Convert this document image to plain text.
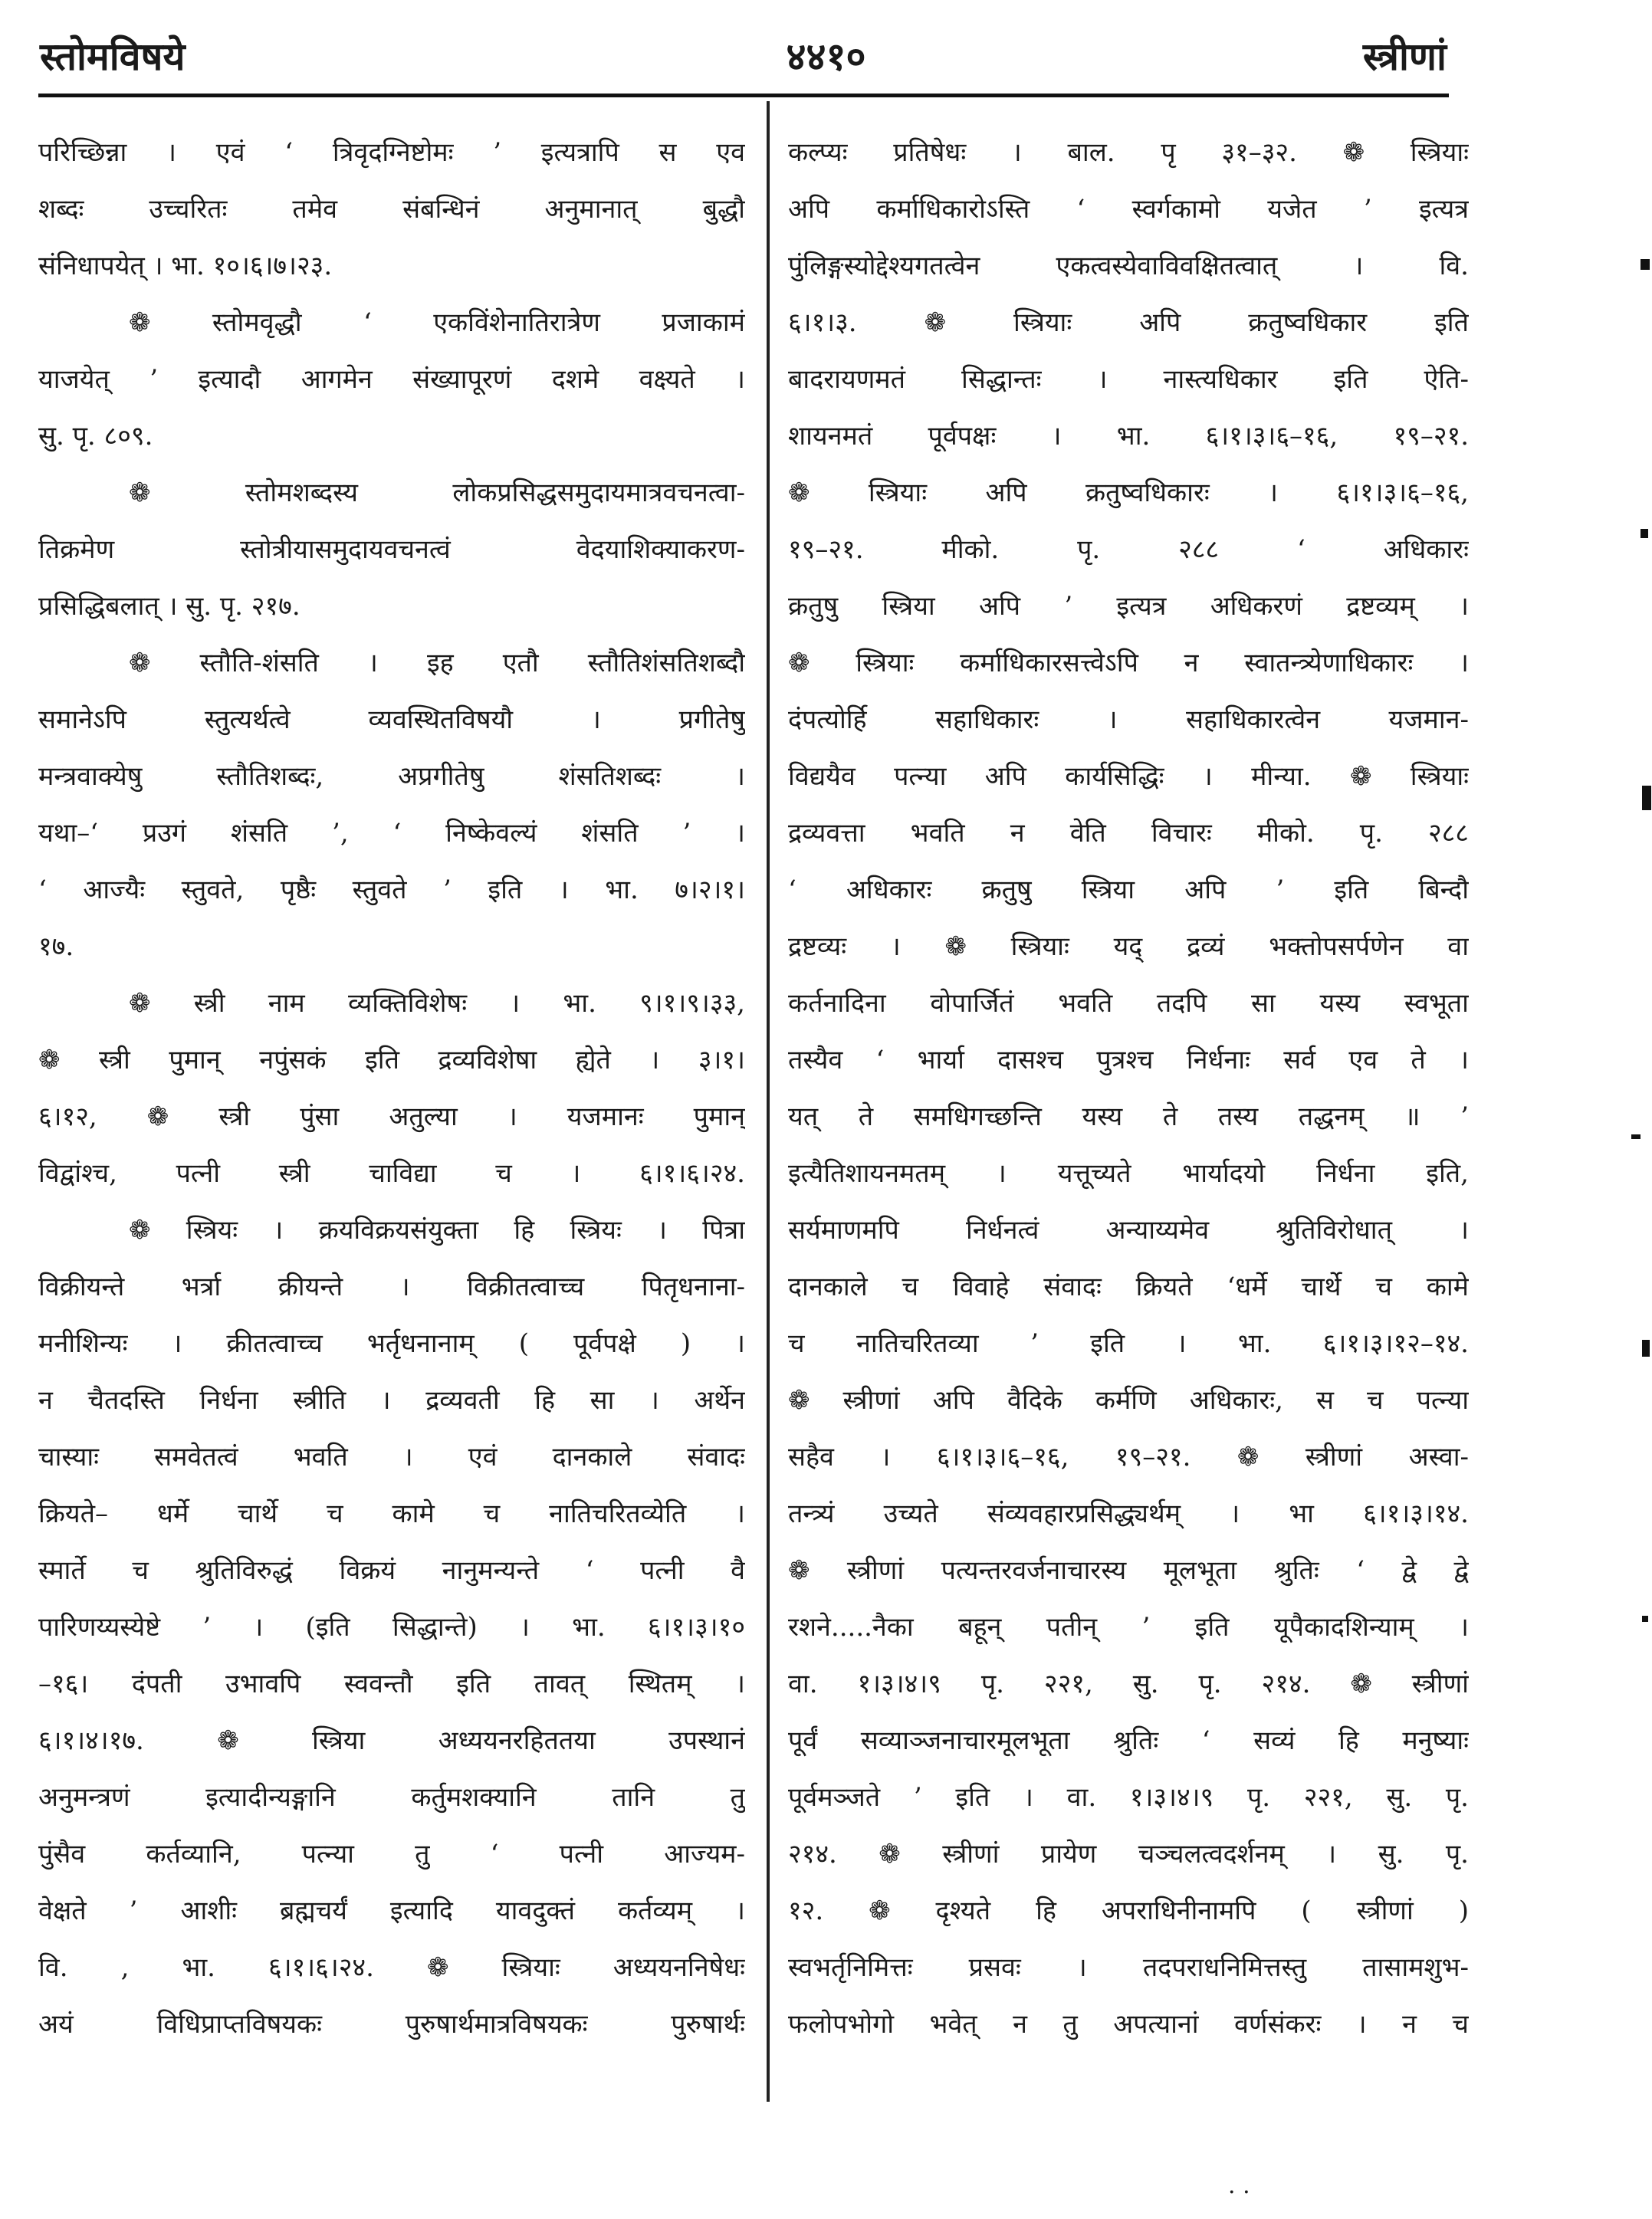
स्तोमविषये	४४१०	स्त्रीणां
परिच्छिन्ना । एवं ‘ त्रिवृदग्निष्टोमः ’ इत्यत्रापि स एव
शब्दः उच्चरितः तमेव संबन्धिनं अनुमानात् बुद्धौ
संनिधापयेत् । भा. १०।६।७।२३.
❁ स्तोमवृद्धौ ‘ एकविंशेनातिरात्रेण प्रजाकामं
याजयेत् ’ इत्यादौ आगमेन संख्यापूरणं दशमे वक्ष्यते ।
सु. पृ. ८०९.
❁ स्तोमशब्दस्य लोकप्रसिद्धसमुदायमात्रवचनत्वा-
तिक्रमेण स्तोत्रीयासमुदायवचनत्वं वेदयाशिक्याकरण-
प्रसिद्धिबलात् । सु. पृ. २१७.
❁ स्तौति-शंसति । इह एतौ स्तौतिशंसतिशब्दौ
समानेऽपि स्तुत्यर्थत्वे व्यवस्थितविषयौ । प्रगीतेषु
मन्त्रवाक्येषु स्तौतिशब्दः, अप्रगीतेषु शंसतिशब्दः ।
यथा–‘ प्रउगं शंसति ’, ‘ निष्केवल्यं शंसति ’ ।
‘ आज्यैः स्तुवते, पृष्ठैः स्तुवते ’ इति । भा. ७।२।१।
१७.
❁ स्त्री नाम व्यक्तिविशेषः । भा. ९।१।९।३३,
❁ स्त्री पुमान् नपुंसकं इति द्रव्यविशेषा ह्येते । ३।१।
६।१२, ❁ स्त्री पुंसा अतुल्या । यजमानः पुमान्
विद्वांश्च, पत्नी स्त्री चाविद्या च । ६।१।६।२४.
❁ स्त्रियः । क्रयविक्रयसंयुक्ता हि स्त्रियः । पित्रा
विक्रीयन्ते भर्त्रा क्रीयन्ते । विक्रीतत्वाच्च पितृधनाना-
मनीशिन्यः । क्रीतत्वाच्च भर्तृधनानाम् ( पूर्वपक्षे ) ।
न चैतदस्ति निर्धना स्त्रीति । द्रव्यवती हि सा । अर्थेन
चास्याः समवेतत्वं भवति । एवं दानकाले संवादः
क्रियते– धर्मे चार्थे च कामे च नातिचरितव्येति ।
स्मार्ते च श्रुतिविरुद्धं विक्रयं नानुमन्यन्ते ‘ पत्नी वै
पारिणय्यस्येष्टे ’ । (इति सिद्धान्ते) । भा. ६।१।३।१०
–१६। दंपती उभावपि स्ववन्तौ इति तावत् स्थितम् ।
६।१।४।१७. ❁ स्त्रिया अध्ययनरहिततया उपस्थानं
अनुमन्त्रणं इत्यादीन्यङ्गानि कर्तुमशक्यानि तानि तु
पुंसैव कर्तव्यानि, पत्न्या तु ‘ पत्नी आज्यम-
वेक्षते ’ आशीः ब्रह्मचर्यं इत्यादि यावदुक्तं कर्तव्यम् ।
वि. , भा. ६।१।६।२४. ❁ स्त्रियाः अध्ययननिषेधः
अयं विधिप्राप्तविषयकः पुरुषार्थमात्रविषयकः पुरुषार्थः
कल्प्यः प्रतिषेधः । बाल. पृ ३१–३२. ❁ स्त्रियाः
अपि कर्माधिकारोऽस्ति ‘ स्वर्गकामो यजेत ’ इत्यत्र
पुंलिङ्गस्योद्देश्यगतत्वेन एकत्वस्येवाविवक्षितत्वात् । वि.
६।१।३. ❁ स्त्रियाः अपि क्रतुष्वधिकार इति
बादरायणमतं सिद्धान्तः । नास्त्यधिकार इति ऐति-
शायनमतं पूर्वपक्षः । भा. ६।१।३।६–१६, १९–२१.
❁ स्त्रियाः अपि क्रतुष्वधिकारः । ६।१।३।६–१६,
१९–२१. मीको. पृ. २८८ ‘ अधिकारः
क्रतुषु स्त्रिया अपि ’ इत्यत्र अधिकरणं द्रष्टव्यम् ।
❁ स्त्रियाः कर्माधिकारसत्त्वेऽपि न स्वातन्त्र्येणाधिकारः ।
दंपत्योर्हि सहाधिकारः । सहाधिकारत्वेन यजमान-
विद्ययैव पत्न्या अपि कार्यसिद्धिः । मीन्या. ❁ स्त्रियाः
द्रव्यवत्ता भवति न वेति विचारः मीको. पृ. २८८
‘ अधिकारः क्रतुषु स्त्रिया अपि ’ इति बिन्दौ
द्रष्टव्यः । ❁ स्त्रियाः यद् द्रव्यं भक्तोपसर्पणेन वा
कर्तनादिना वोपार्जितं भवति तदपि सा यस्य स्वभूता
तस्यैव ‘ भार्या दासश्च पुत्रश्च निर्धनाः सर्व एव ते ।
यत् ते समधिगच्छन्ति यस्य ते तस्य तद्धनम् ॥ ’
इत्यैतिशायनमतम् । यत्तूच्यते भार्यादयो निर्धना इति,
सर्यमाणमपि निर्धनत्वं अन्याय्यमेव श्रुतिविरोधात् ।
दानकाले च विवाहे संवादः क्रियते ‘धर्मे चार्थे च कामे
च नातिचरितव्या ’ इति । भा. ६।१।३।१२–१४.
❁ स्त्रीणां अपि वैदिके कर्मणि अधिकारः, स च पत्न्या
सहैव । ६।१।३।६–१६, १९–२१. ❁ स्त्रीणां अस्वा-
तन्त्र्यं उच्यते संव्यवहारप्रसिद्ध्यर्थम् । भा ६।१।३।१४.
❁ स्त्रीणां पत्यन्तरवर्जनाचारस्य मूलभूता श्रुतिः ‘ द्वे द्वे
रशने.....नैका बहून् पतीन् ’ इति यूपैकादशिन्याम् ।
वा. १।३।४।९ पृ. २२१, सु. पृ. २१४. ❁ स्त्रीणां
पूर्वं सव्याञ्जनाचारमूलभूता श्रुतिः ‘ सव्यं हि मनुष्याः
पूर्वमञ्जते ’ इति । वा. १।३।४।९ पृ. २२१, सु. पृ.
२१४. ❁ स्त्रीणां प्रायेण चञ्चलत्वदर्शनम् । सु. पृ.
१२. ❁ दृश्यते हि अपराधिनीनामपि ( स्त्रीणां )
स्वभर्तृनिमित्तः प्रसवः । तदपराधनिमित्तस्तु तासामशुभ-
फलोपभोगो भवेत् न तु अपत्यानां वर्णसंकरः । न च
· ·
